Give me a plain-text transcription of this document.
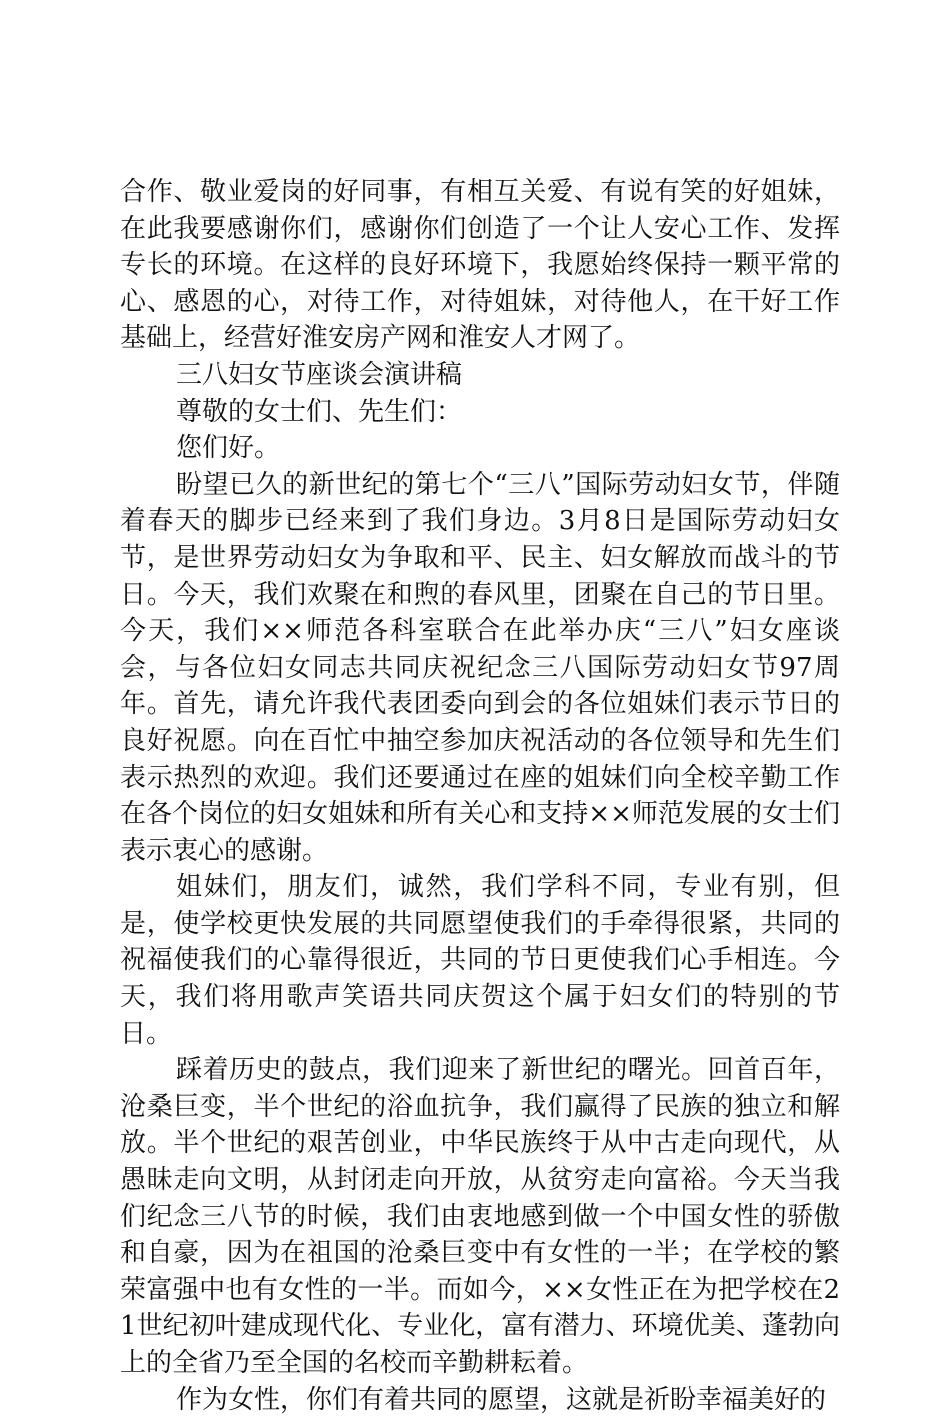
合作、敬业爱岗的好同事，有相互关爱、有说有笑的好姐妹，在此我要感谢你们，感谢你们创造了一个让人安心工作、发挥专长的环境。在这样的良好环境下，我愿始终保持一颗平常的心、感恩的心，对待工作，对待姐妹，对待他人，在干好工作基础上，经营好淮安房产网和淮安人才网了。

三八妇女节座谈会演讲稿

尊敬的女士们、先生们：

您们好。

盼望已久的新世纪的第七个“三八”国际劳动妇女节，伴随着春天的脚步已经来到了我们身边。3月8日是国际劳动妇女节，是世界劳动妇女为争取和平、民主、妇女解放而战斗的节日。今天，我们欢聚在和煦的春风里，团聚在自己的节日里。今天，我们××师范各科室联合在此举办庆“三八”妇女座谈会，与各位妇女同志共同庆祝纪念三八国际劳动妇女节97周年。首先，请允许我代表团委向到会的各位姐妹们表示节日的良好祝愿。向在百忙中抽空参加庆祝活动的各位领导和先生们表示热烈的欢迎。我们还要通过在座的姐妹们向全校辛勤工作在各个岗位的妇女姐妹和所有关心和支持××师范发展的女士们表示衷心的感谢。

姐妹们，朋友们，诚然，我们学科不同，专业有别，但是，使学校更快发展的共同愿望使我们的手牵得很紧，共同的祝福使我们的心靠得很近，共同的节日更使我们心手相连。今天，我们将用歌声笑语共同庆贺这个属于妇女们的特别的节日。

踩着历史的鼓点，我们迎来了新世纪的曙光。回首百年，沧桑巨变，半个世纪的浴血抗争，我们赢得了民族的独立和解放。半个世纪的艰苦创业，中华民族终于从中古走向现代，从愚昧走向文明，从封闭走向开放，从贫穷走向富裕。今天当我们纪念三八节的时候，我们由衷地感到做一个中国女性的骄傲和自豪，因为在祖国的沧桑巨变中有女性的一半；在学校的繁荣富强中也有女性的一半。而如今，××女性正在为把学校在21世纪初叶建成现代化、专业化，富有潜力、环境优美、蓬勃向上的全省乃至全国的名校而辛勤耕耘着。

作为女性，你们有着共同的愿望，这就是祈盼幸福美好的
